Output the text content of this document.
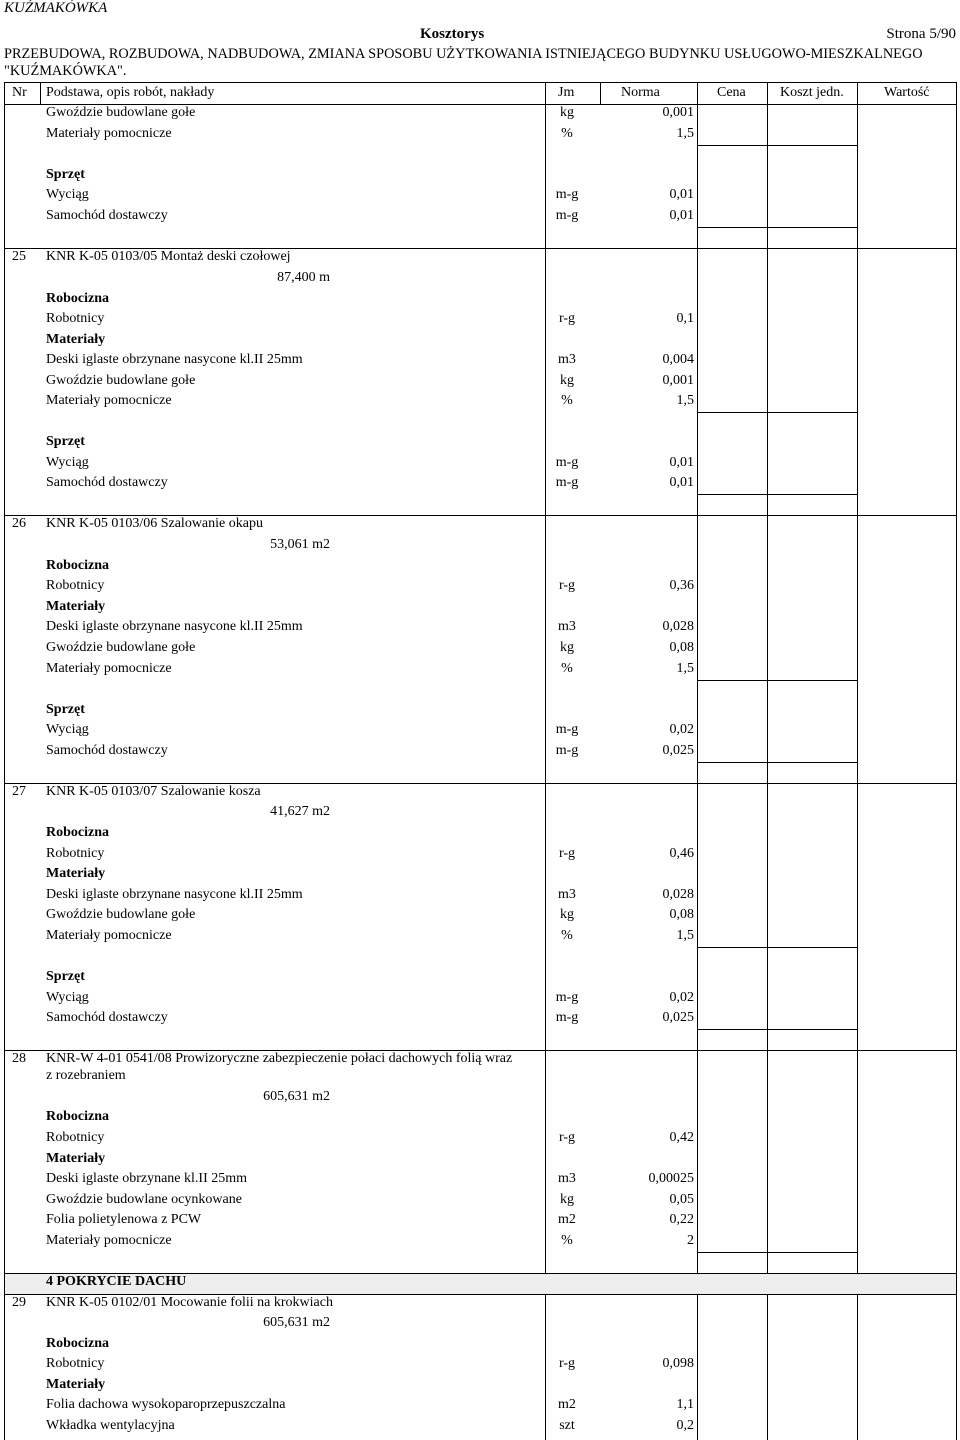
KUŹMAKÓWKA
Kosztorys	Strona 5/90
PRZEBUDOWA, ROZBUDOWA, NADBUDOWA, ZMIANA SPOSOBU UŻYTKOWANIA ISTNIEJĄCEGO BUDYNKU USŁUGOWO-MIESZKALNEGO
"KUŹMAKÓWKA".
Nr Podstawa, opis robót, nakłady	Jm	Norma	Cena Koszt jedn.	Wartość
Gwoździe budowlane gołe	kg	0,001
Materiały pomocnicze	%	1,5
Sprzęt
Wyciąg	m-g	0,01
Samochód dostawczy	m-g	0,01
25 KNR K-05 0103/05 Montaż deski czołowej
87,400 m
Robocizna
Robotnicy	r-g	0,1
Materiały
Deski iglaste obrzynane nasycone kl.II 25mm	m3	0,004
Gwoździe budowlane gołe	kg	0,001
Materiały pomocnicze	%	1,5
Sprzęt
Wyciąg	m-g	0,01
Samochód dostawczy	m-g	0,01
26 KNR K-05 0103/06 Szalowanie okapu
53,061 m2
Robocizna
Robotnicy	r-g	0,36
Materiały
Deski iglaste obrzynane nasycone kl.II 25mm	m3	0,028
Gwoździe budowlane gołe	kg	0,08
Materiały pomocnicze	%	1,5
Sprzęt
Wyciąg	m-g	0,02
Samochód dostawczy	m-g	0,025
27 KNR K-05 0103/07 Szalowanie kosza
41,627 m2
Robocizna
Robotnicy	r-g	0,46
Materiały
Deski iglaste obrzynane nasycone kl.II 25mm	m3	0,028
Gwoździe budowlane gołe	kg	0,08
Materiały pomocnicze	%	1,5
Sprzęt
Wyciąg	m-g	0,02
Samochód dostawczy	m-g	0,025
28 KNR-W 4-01 0541/08 Prowizoryczne zabezpieczenie połaci dachowych folią wraz
z rozebraniem
605,631 m2
Robocizna
Robotnicy	r-g	0,42
Materiały
Deski iglaste obrzynane kl.II 25mm	m3	0,00025
Gwoździe budowlane ocynkowane	kg	0,05
Folia polietylenowa z PCW	m2	0,22
Materiały pomocnicze	%	2
4 POKRYCIE DACHU
29 KNR K-05 0102/01 Mocowanie folii na krokwiach
605,631 m2
Robocizna
Robotnicy	r-g	0,098
Materiały
Folia dachowa wysokoparoprzepuszczalna	m2	1,1
Wkładka wentylacyjna	szt	0,2
